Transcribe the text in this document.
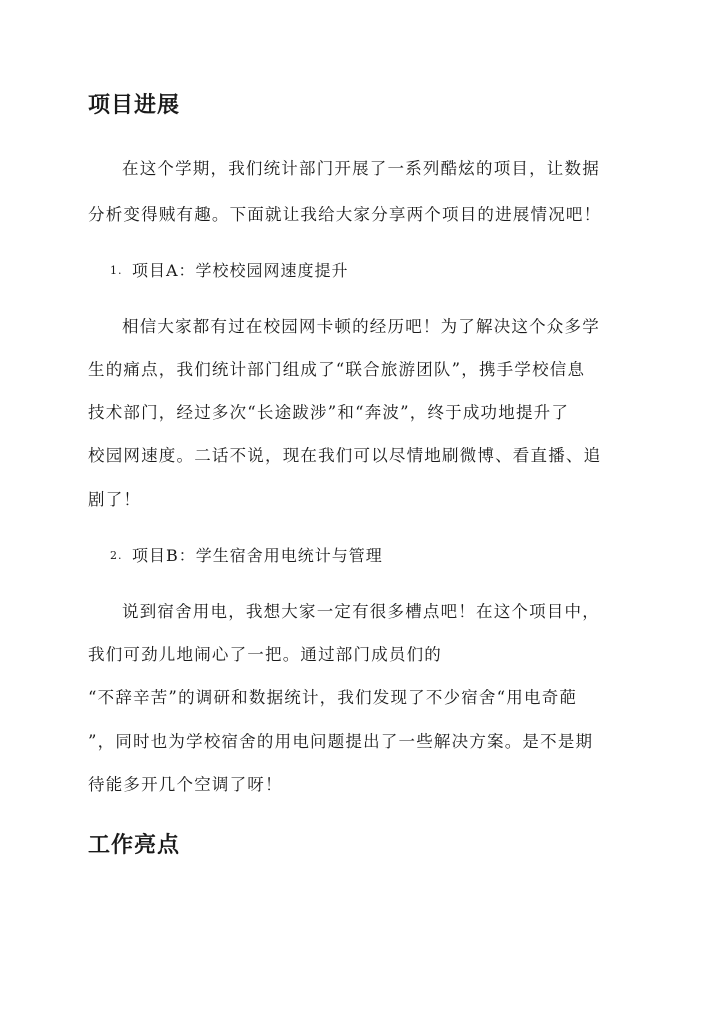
项目进展

在这个学期，我们统计部门开展了一系列酷炫的项目，让数据

分析变得贼有趣。下面就让我给大家分享两个项目的进展情况吧！

1. 项目A：学校校园网速度提升

相信大家都有过在校园网卡顿的经历吧！为了解决这个众多学

生的痛点，我们统计部门组成了“联合旅游团队”，携手学校信息

技术部门，经过多次“长途跋涉”和“奔波”，终于成功地提升了

校园网速度。二话不说，现在我们可以尽情地刷微博、看直播、追

剧了！

2. 项目B：学生宿舍用电统计与管理

说到宿舍用电，我想大家一定有很多槽点吧！在这个项目中，

我们可劲儿地闹心了一把。通过部门成员们的

“不辞辛苦”的调研和数据统计，我们发现了不少宿舍“用电奇葩

”，同时也为学校宿舍的用电问题提出了一些解决方案。是不是期

待能多开几个空调了呀！

工作亮点
